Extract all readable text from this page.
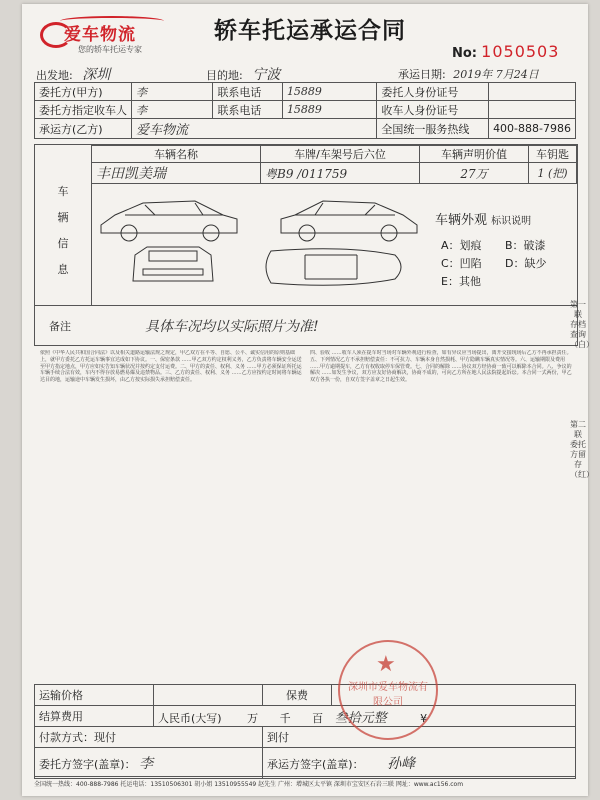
爱车物流
您的轿车托运专家
轿车托运承运合同
No: 1050503
出发地: 深圳	目的地: 宁波	承运日期: 2019年 7月24日
委托方(甲方)	李	联系电话	15889	委托人身份证号	
委托方指定收车人	李	联系电话	15889	收车人身份证号	
承运方(乙方)	爱车物流			全国统一服务热线	400-888-7986
车
辆
信
息
车辆名称	车牌/车架号后六位	车辆声明价值	车钥匙
丰田凯美瑞	粤B9 /011759	27万	1 (把)
车辆外观 标识说明
A：划痕 B：破漆
C：凹陷 D：缺少
E：其他
备注	具体车况均以实际照片为准!
依照《中华人民共和国合同法》以及相关道路运输法规之规定，甲乙双方在平等、自愿、公平、诚实信用的原则基础上，就甲方委托乙方托运车辆事宜达成如下协议。一、保密条款 ……甲乙双方约定权利义务，乙方负责将车辆安全运送至甲方指定地点，甲方应如实告知车辆状况并按约定支付运费。二、甲方的责任、权利、义务 ……甲方必须保证所托运车辆手续合法有效，车内不得存放易燃易爆及违禁物品。三、乙方的责任、权利、义务 ……乙方应按约定时间将车辆运达目的地，运输途中车辆发生损坏，由乙方按实际损失承担赔偿责任。
四、验收 ……收车人须在提车时当场对车辆外观进行检查，如有异议应当场提出，离开交接现场后乙方不再承担责任。五、下列情况乙方不承担赔偿责任：不可抗力、车辆本身自然损耗、甲方隐瞒车辆真实情况等。六、运输期限及费用 ……甲方逾期提车，乙方有权收取停车保管费。七、合同的解除 ……协议双方经协商一致可以解除本合同。八、争议的解决 ……如发生争议，双方应友好协商解决，协商不成的，可向乙方所在地人民法院提起诉讼。本合同一式两份，甲乙双方各执一份，自双方签字盖章之日起生效。
运输价格		保费	
结算费用	人民币(大写) 万 千 百 叁拾元整 ¥		
付款方式：现付		到付	
委托方签字(盖章)： 李		承运方签字(盖章)： 孙峰	
★
深圳市爱车物流有限公司
全国统一热线：400-888-7986 托运电话：13510506301 胡小姐 13510955549 赵先生 广州：增城区太平镇 深圳市宝安区石岩三联 网址：www.ac156.com
第一联 存档查询（白）
第二联 委托方留存（红）
